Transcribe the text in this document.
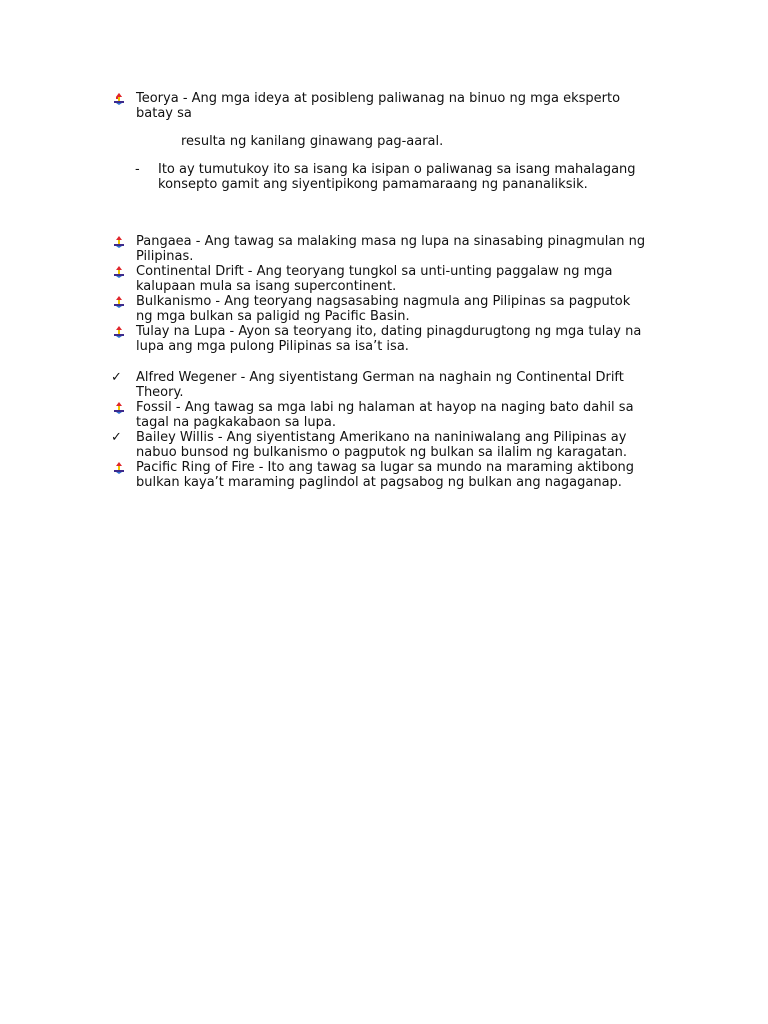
Teorya - Ang mga ideya at posibleng paliwanag na binuo ng mga eksperto
batay sa

resulta ng kanilang ginawang pag-aaral.

- Ito ay tumutukoy ito sa isang ka isipan o paliwanag sa isang mahalagang
konsepto gamit ang siyentipikong pamamaraang ng pananaliksik.

Pangaea - Ang tawag sa malaking masa ng lupa na sinasabing pinagmulan ng
Pilipinas.

Continental Drift - Ang teoryang tungkol sa unti-unting paggalaw ng mga
kalupaan mula sa isang supercontinent.

Bulkanismo - Ang teoryang nagsasabing nagmula ang Pilipinas sa pagputok
ng mga bulkan sa paligid ng Pacific Basin.

Tulay na Lupa - Ayon sa teoryang ito, dating pinagdurugtong ng mga tulay na
lupa ang mga pulong Pilipinas sa isa’t isa.

✓ Alfred Wegener - Ang siyentistang German na naghain ng Continental Drift
Theory.

Fossil - Ang tawag sa mga labi ng halaman at hayop na naging bato dahil sa
tagal na pagkakabaon sa lupa.

✓ Bailey Willis - Ang siyentistang Amerikano na naniniwalang ang Pilipinas ay
nabuo bunsod ng bulkanismo o pagputok ng bulkan sa ilalim ng karagatan.

Pacific Ring of Fire - Ito ang tawag sa lugar sa mundo na maraming aktibong
bulkan kaya’t maraming paglindol at pagsabog ng bulkan ang nagaganap.
